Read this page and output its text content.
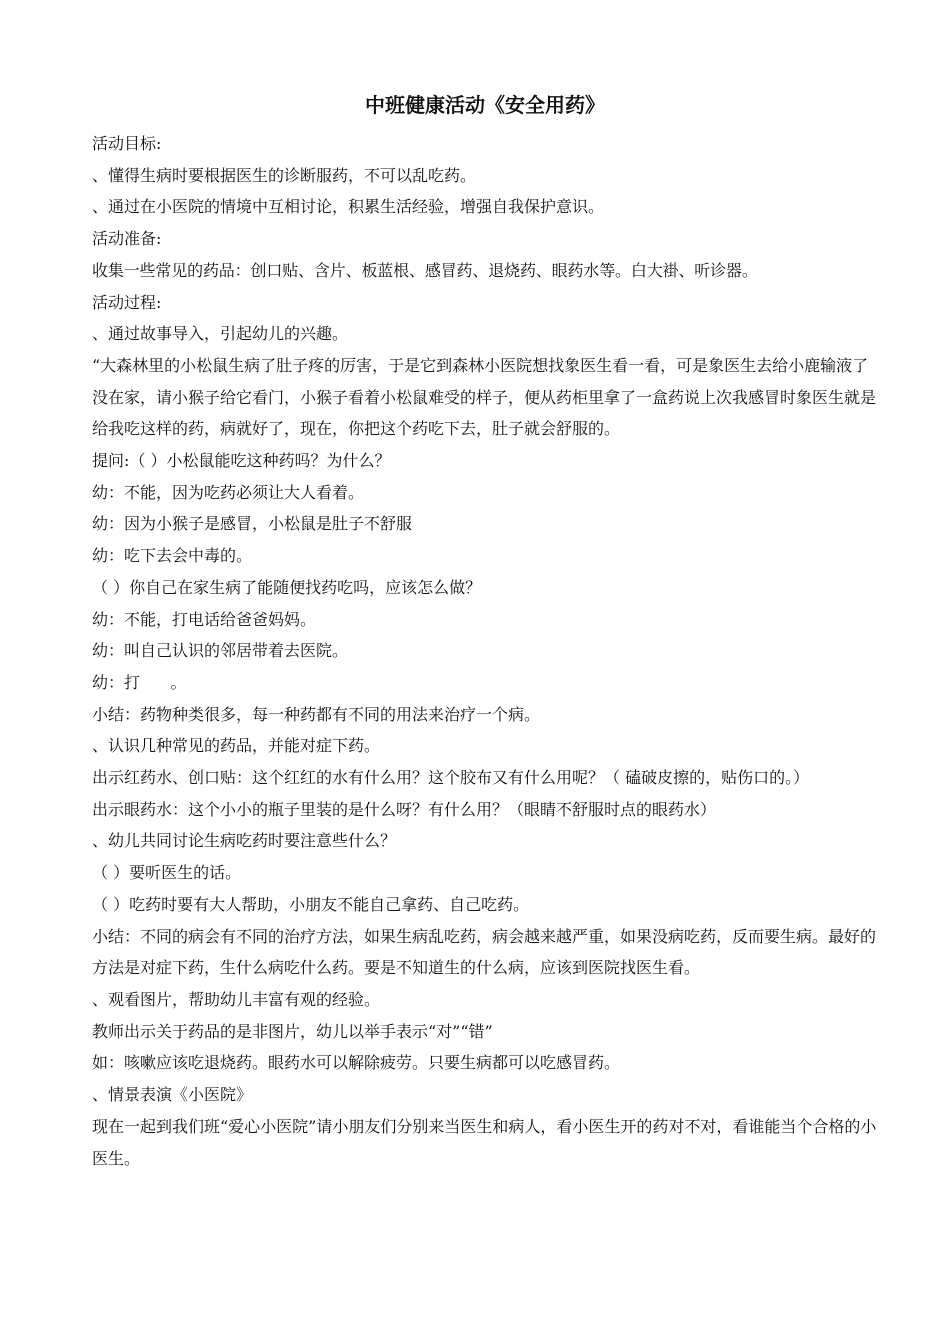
中班健康活动《安全用药》
活动目标:
、懂得生病时要根据医生的诊断服药，不可以乱吃药。
、通过在小医院的情境中互相讨论，积累生活经验，增强自我保护意识。
活动准备:
收集一些常见的药品：创口贴、含片、板蓝根、感冒药、退烧药、眼药水等。白大褂、听诊器。
活动过程:
、通过故事导入，引起幼儿的兴趣。
“大森林里的小松鼠生病了肚子疼的厉害，于是它到森林小医院想找象医生看一看，可是象医生去给小鹿输液了没在家，请小猴子给它看门，小猴子看着小松鼠难受的样子，便从药柜里拿了一盒药说上次我感冒时象医生就是给我吃这样的药，病就好了，现在，你把这个药吃下去，肚子就会舒服的。
提问:（ ）小松鼠能吃这种药吗？为什么？
幼：不能，因为吃药必须让大人看着。
幼：因为小猴子是感冒，小松鼠是肚子不舒服
幼：吃下去会中毒的。
（ ）你自己在家生病了能随便找药吃吗，应该怎么做？
幼：不能，打电话给爸爸妈妈。
幼：叫自己认识的邻居带着去医院。
幼：打      。
小结：药物种类很多，每一种药都有不同的用法来治疗一个病。
、认识几种常见的药品，并能对症下药。
出示红药水、创口贴：这个红红的水有什么用？这个胶布又有什么用呢？（ 磕破皮擦的，贴伤口的。）
出示眼药水：这个小小的瓶子里装的是什么呀？有什么用？（眼睛不舒服时点的眼药水）
、幼儿共同讨论生病吃药时要注意些什么？
（ ）要听医生的话。
（ ）吃药时要有大人帮助，小朋友不能自己拿药、自己吃药。
小结：不同的病会有不同的治疗方法，如果生病乱吃药，病会越来越严重，如果没病吃药，反而要生病。最好的方法是对症下药，生什么病吃什么药。要是不知道生的什么病，应该到医院找医生看。
、观看图片，帮助幼儿丰富有观的经验。
教师出示关于药品的是非图片，幼儿以举手表示“对”“错”
如：咳嗽应该吃退烧药。眼药水可以解除疲劳。只要生病都可以吃感冒药。
、情景表演《小医院》
现在一起到我们班“爱心小医院”请小朋友们分别来当医生和病人，看小医生开的药对不对，看谁能当个合格的小医生。
